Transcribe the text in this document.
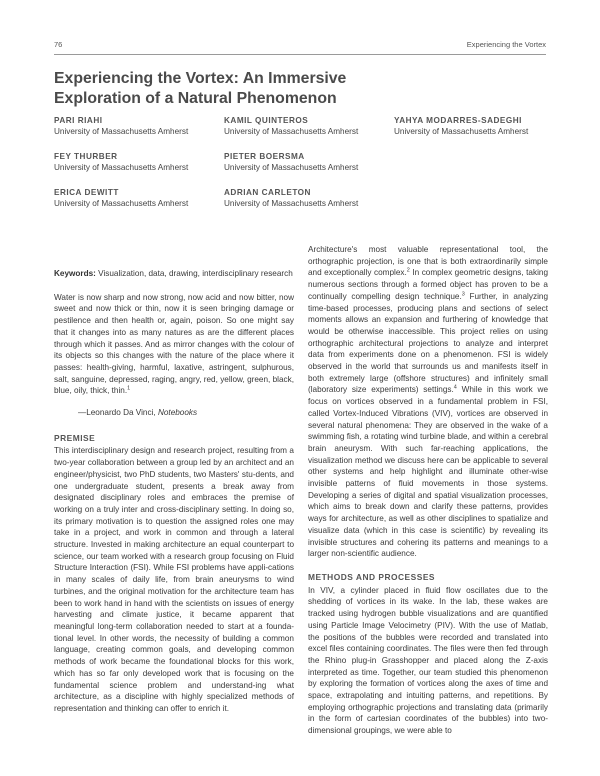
76	Experiencing the Vortex
Experiencing the Vortex: An Immersive
Exploration of a Natural Phenomenon
PARI RIAHI
University of Massachusetts Amherst
KAMIL QUINTEROS
University of Massachusetts Amherst
YAHYA MODARRES-SADEGHI
University of Massachusetts Amherst
FEY THURBER
University of Massachusetts Amherst
PIETER BOERSMA
University of Massachusetts Amherst
ERICA DEWITT
University of Massachusetts Amherst
ADRIAN CARLETON
University of Massachusetts Amherst

Keywords: Visualization, data, drawing, interdisciplinary research

Water is now sharp and now strong, now acid and now bitter, now sweet and now thick or thin, now it is seen bringing damage or pestilence and then health or, again, poison. So one might say that it changes into as many natures as are the different places through which it passes. And as mirror changes with the colour of its objects so this changes with the nature of the place where it passes: health-giving, harmful, laxative, astringent, sulphurous, salt, sanguine, depressed, raging, angry, red, yellow, green, black, blue, oily, thick, thin.$^1$

—Leonardo Da Vinci, Notebooks

PREMISE

This interdisciplinary design and research project, resulting from a two-year collaboration between a group led by an architect and an engineer/physicist, two PhD students, two Masters' stu-dents, and one undergraduate student, presents a break away from designated disciplinary roles and embraces the premise of working on a truly inter and cross-disciplinary setting. In doing so, its primary motivation is to question the assigned roles one may take in a project, and work in common and through a lateral structure. Invested in making architecture an equal counterpart to science, our team worked with a research group focusing on Fluid Structure Interaction (FSI). While FSI problems have appli-cations in many scales of daily life, from brain aneurysms to wind turbines, and the original motivation for the architecture team has been to work hand in hand with the scientists on issues of energy harvesting and climate justice, it became apparent that meaningful long-term collaboration needed to start at a founda-tional level. In other words, the necessity of building a common language, creating common goals, and developing common methods of work became the foundational blocks for this work, which has so far only developed work that is focusing on the fundamental science problem and understand-ing what architecture, as a discipline with highly specialized methods of representation and thinking can offer to enrich it.

Architecture's most valuable representational tool, the orthographic projection, is one that is both extraordinarily simple and exceptionally complex.$^2$ In complex geometric designs, taking numerous sections through a formed object has proven to be a continually compelling design technique.$^3$ Further, in analyzing time-based processes, producing plans and sections of select moments allows an expansion and furthering of knowledge that would be otherwise inaccessible. This project relies on using orthographic architectural projections to analyze and interpret data from experiments done on a phenomenon. FSI is widely observed in the world that surrounds us and manifests itself in both extremely large (offshore structures) and infinitely small (laboratory size experiments) settings.$^4$ While in this work we focus on vortices observed in a fundamental problem in FSI, called Vortex-Induced Vibrations (VIV), vortices are observed in several natural phenomena: They are observed in the wake of a swimming fish, a rotating wind turbine blade, and within a cerebral brain aneurysm. With such far-reaching applications, the visualization method we discuss here can be applicable to several other systems and help highlight and illuminate other-wise invisible patterns of fluid movements in those systems. Developing a series of digital and spatial visualization processes, which aims to break down and clarify these patterns, provides ways for architecture, as well as other disciplines to spatialize and visualize data (which in this case is scientific) by revealing its invisible structures and cohering its patterns and meanings to a larger non-scientific audience.

METHODS AND PROCESSES

In VIV, a cylinder placed in fluid flow oscillates due to the shedding of vortices in its wake. In the lab, these wakes are tracked using hydrogen bubble visualizations and are quantified using Particle Image Velocimetry (PIV). With the use of Matlab, the positions of the bubbles were recorded and translated into excel files containing coordinates. The files were then fed through the Rhino plug-in Grasshopper and placed along the Z-axis interpreted as time. Together, our team studied this phenomenon by exploring the formation of vortices along the axes of time and space, extrapolating and intuiting patterns, and repetitions. By employing orthographic projections and translating data (primarily in the form of cartesian coordinates of the bubbles) into two-dimensional groupings, we were able to
